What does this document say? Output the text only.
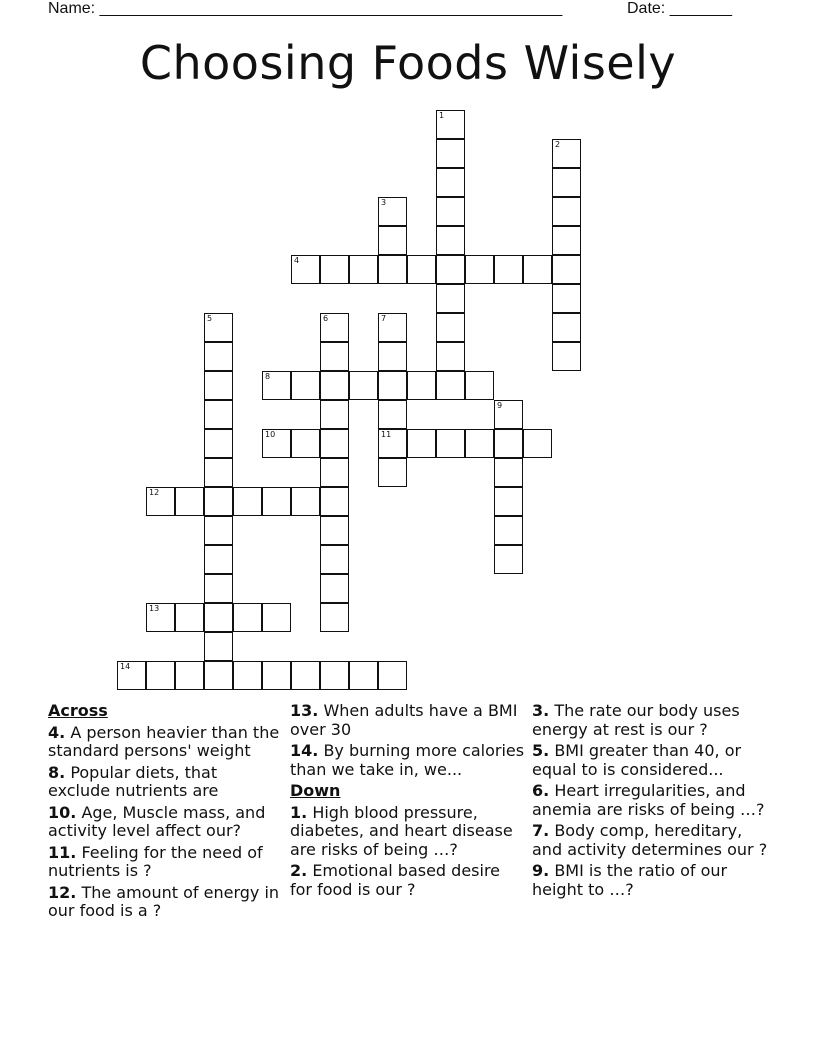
Name: ____________________________________________________	Date: _______
Choosing Foods Wisely
1
2
3
4
5	6	7
11
8
9
10
12
13
14
Across
4. A person heavier than the standard persons' weight
8. Popular diets, that exclude nutrients are
10. Age, Muscle mass, and activity level affect our?
11. Feeling for the need of nutrients is ?
12. The amount of energy in our food is a ?
13. When adults have a BMI over 30
14. By burning more calories than we take in, we...
Down
1. High blood pressure, diabetes, and heart disease are risks of being …?
2. Emotional based desire for food is our ?
3. The rate our body uses energy at rest is our ?
5. BMI greater than 40, or equal to is considered...
6. Heart irregularities, and anemia are risks of being …?
7. Body comp, hereditary, and activity determines our ?
9. BMI is the ratio of our height to …?
